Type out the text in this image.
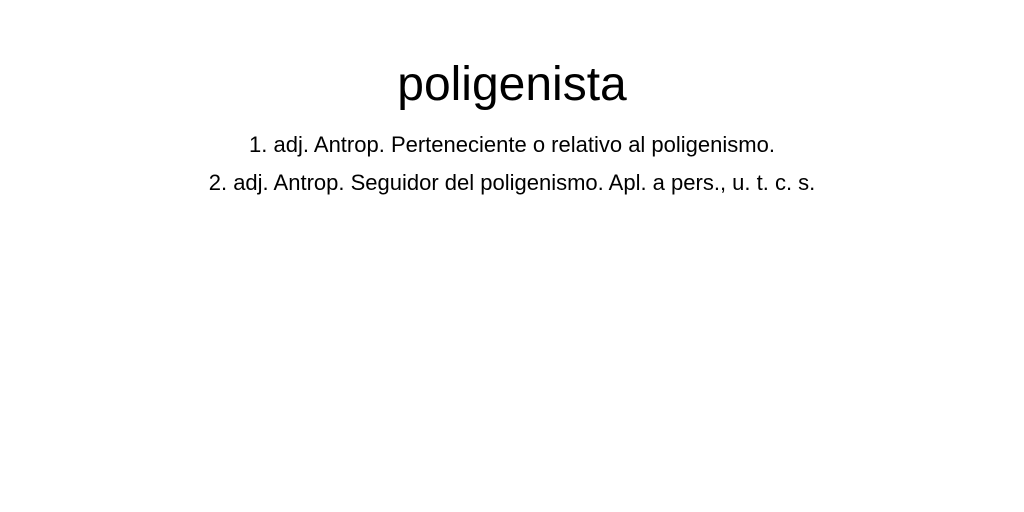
poligenista
1. adj. Antrop. Perteneciente o relativo al poligenismo.
2. adj. Antrop. Seguidor del poligenismo. Apl. a pers., u. t. c. s.
